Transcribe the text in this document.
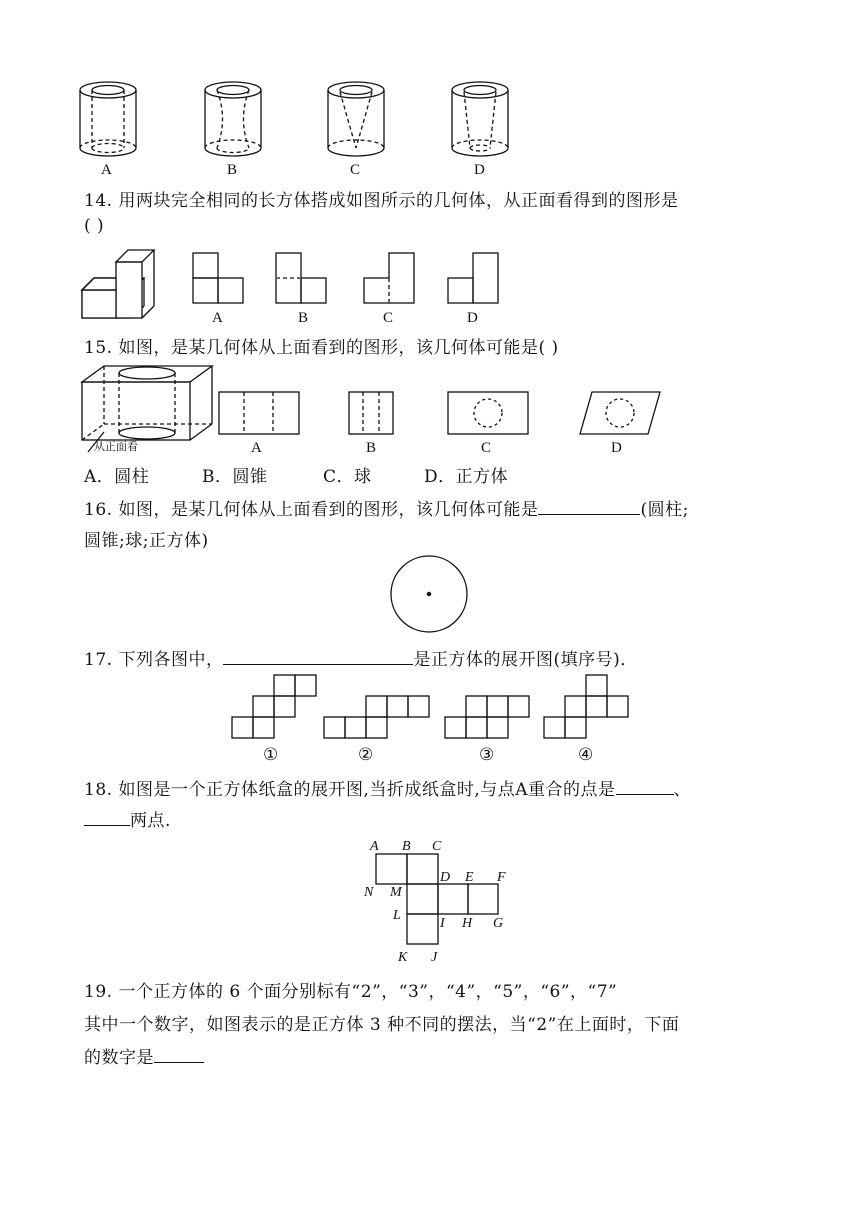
A	B	C	D
14. 用两块完全相同的长方体搭成如图所示的几何体，从正面看得到的图形是
( )
A	B	C	D
15. 如图，是某几何体从上面看到的图形，该几何体可能是( )
从正面看	A	B	C	D
A．圆柱	B．圆锥	C．球	D．正方体
16. 如图，是某几何体从上面看到的图形，该几何体可能是	(圆柱;
圆锥;球;正方体)
17. 下列各图中，	是正方体的展开图(填序号)．
①	②	③	④
18. 如图是一个正方体纸盒的展开图,当折成纸盒时,与点A重合的点是	、
两点.
A B C
D E F
N M
L
I H G
K J
19. 一个正方体的 6 个面分别标有“2”，“3”，“4”，“5”，“6”，“7”
其中一个数字，如图表示的是正方体 3 种不同的摆法，当“2”在上面时，下面
的数字是
